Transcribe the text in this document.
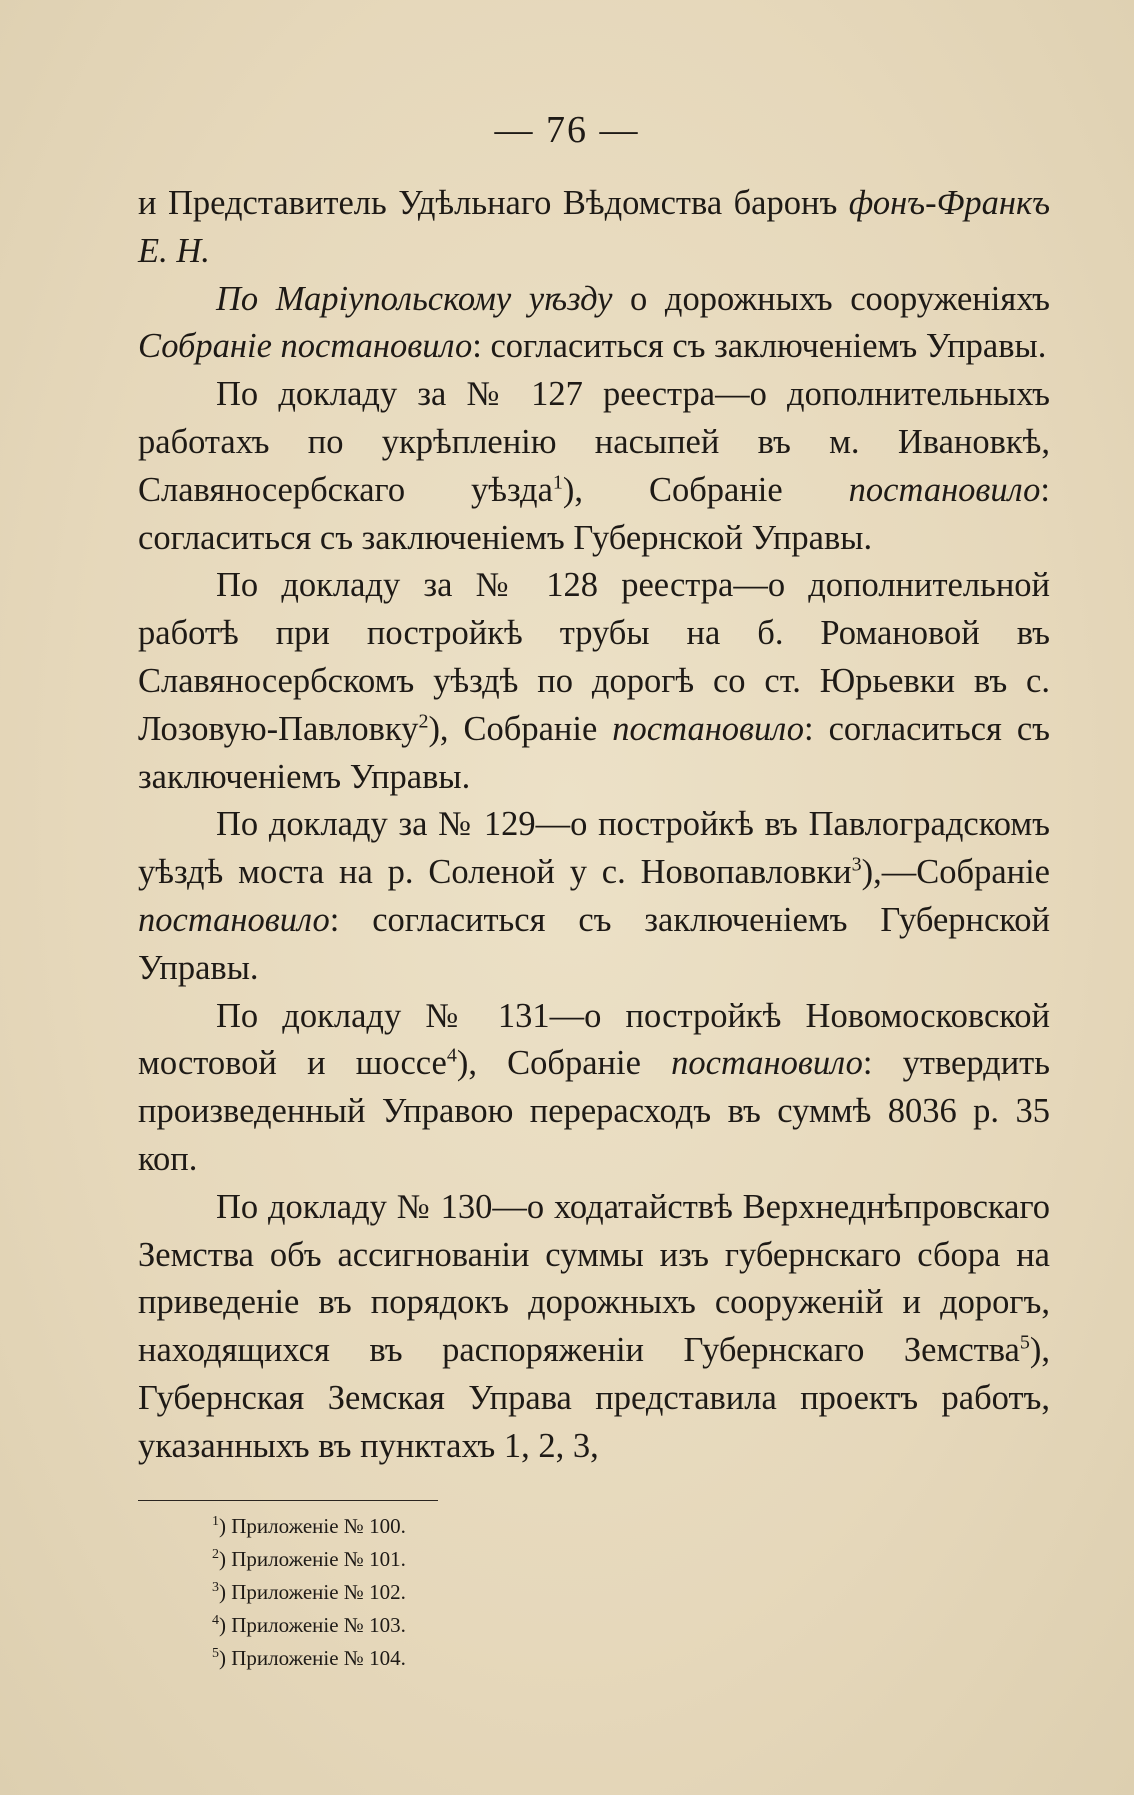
— 76 —

и Представитель Удѣльнаго Вѣдомства баронъ фонъ-Франкъ Е. Н.

По Маріупольскому уѣзду о дорожныхъ сооруженіяхъ Собраніе постановило: согласиться съ заключеніемъ Управы.

По докладу за № 127 реестра—о дополнительныхъ работахъ по укрѣпленію насыпей въ м. Ивановкѣ, Славяносербскаго уѣзда$^1$), Собраніе постановило: согласиться съ заключеніемъ Губернской Управы.

По докладу за № 128 реестра—о дополнительной работѣ при постройкѣ трубы на б. Романовой въ Славяносербскомъ уѣздѣ по дорогѣ со ст. Юрьевки въ с. Лозовую-Павловку$^2$), Собраніе постановило: согласиться съ заключеніемъ Управы.

По докладу за № 129—о постройкѣ въ Павлоградскомъ уѣздѣ моста на р. Соленой у с. Новопавловки$^3$),—Собраніе постановило: согласиться съ заключеніемъ Губернской Управы.

По докладу № 131—о постройкѣ Новомосковской мостовой и шоссе$^4$), Собраніе постановило: утвердить произведенный Управою перерасходъ въ суммѣ 8036 р. 35 коп.

По докладу № 130—о ходатайствѣ Верхнеднѣпровскаго Земства объ ассигнованіи суммы изъ губернскаго сбора на приведеніе въ порядокъ дорожныхъ сооруженій и дорогъ, находящихся въ распоряженіи Губернскаго Земства$^5$), Губернская Земская Управа представила проектъ работъ, указанныхъ въ пунктахъ 1, 2, 3,

$^1$) Приложеніе № 100.
$^2$) Приложеніе № 101.
$^3$) Приложеніе № 102.
$^4$) Приложеніе № 103.
$^5$) Приложеніе № 104.
